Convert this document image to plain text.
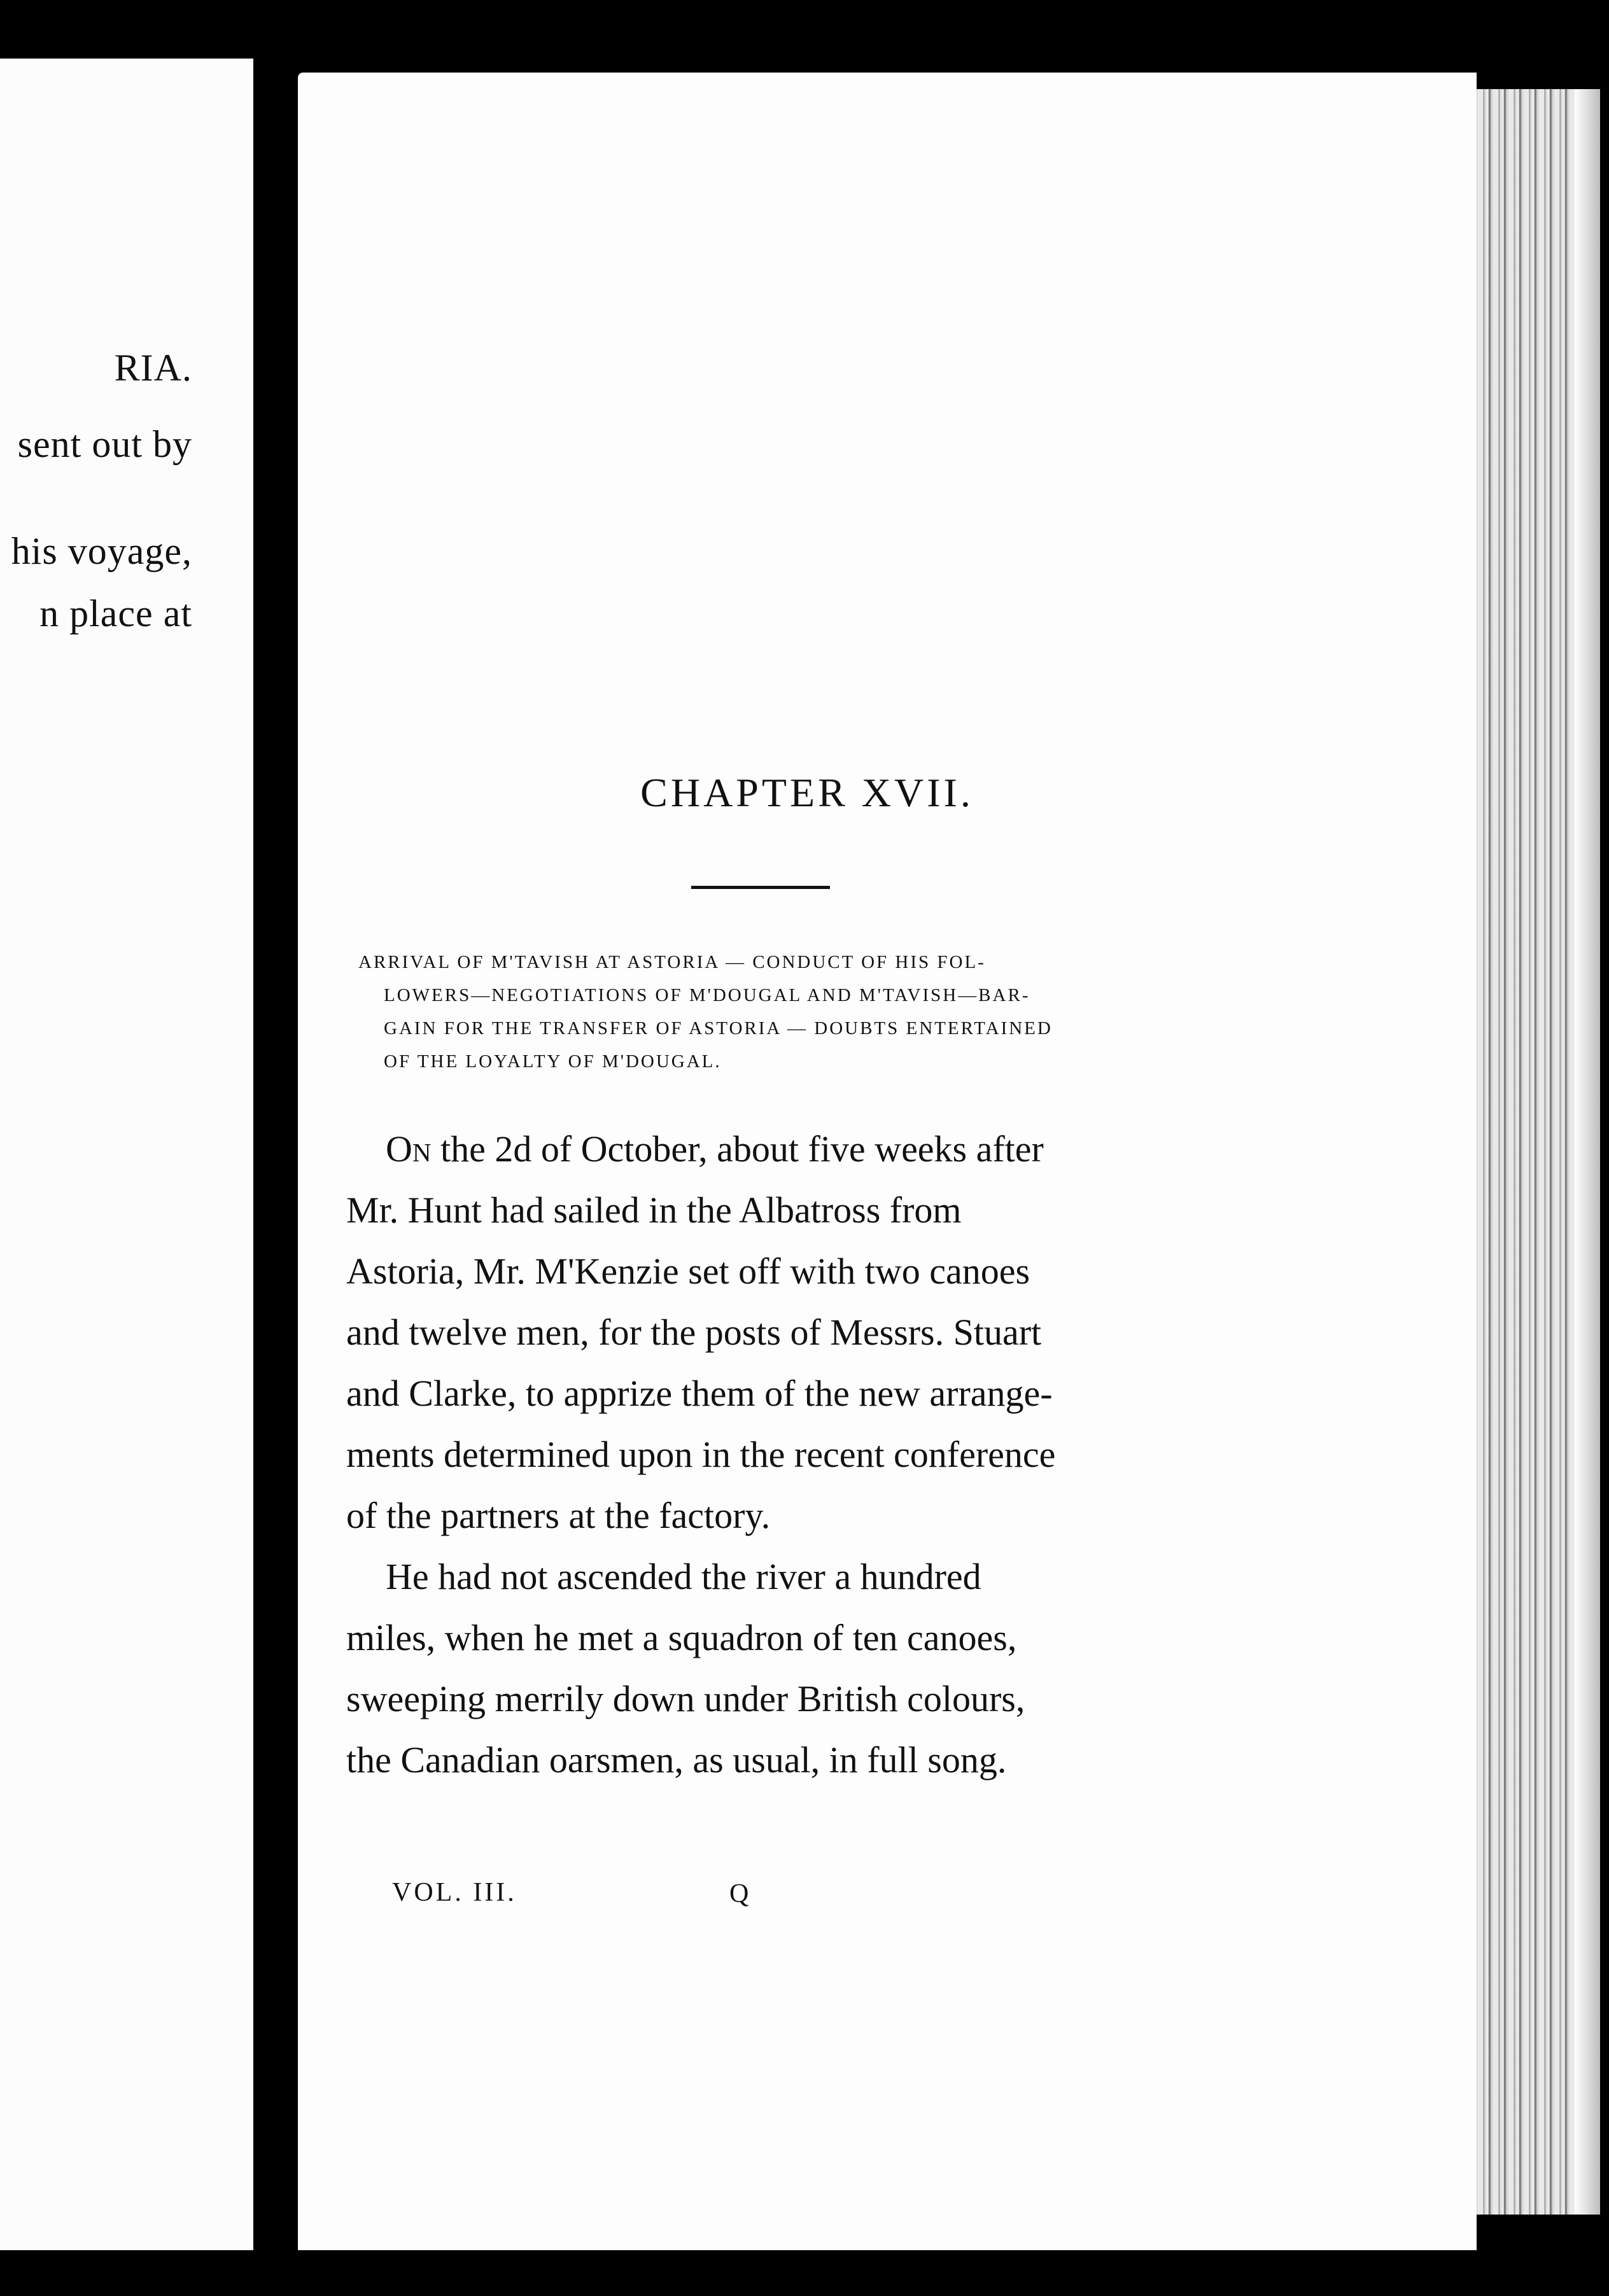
RIA.
sent out by
his voyage,
n place at
CHAPTER XVII.
ARRIVAL OF M'TAVISH AT ASTORIA — CONDUCT OF HIS FOL-
LOWERS—NEGOTIATIONS OF M'DOUGAL AND M'TAVISH—BAR-
GAIN FOR THE TRANSFER OF ASTORIA — DOUBTS ENTERTAINED
OF THE LOYALTY OF M'DOUGAL.
On the 2d of October, about five weeks after
Mr. Hunt had sailed in the Albatross from
Astoria, Mr. M'Kenzie set off with two canoes
and twelve men, for the posts of Messrs. Stuart
and Clarke, to apprize them of the new arrange-
ments determined upon in the recent conference
of the partners at the factory.
He had not ascended the river a hundred
miles, when he met a squadron of ten canoes,
sweeping merrily down under British colours,
the Canadian oarsmen, as usual, in full song.
VOL. III.	Q
